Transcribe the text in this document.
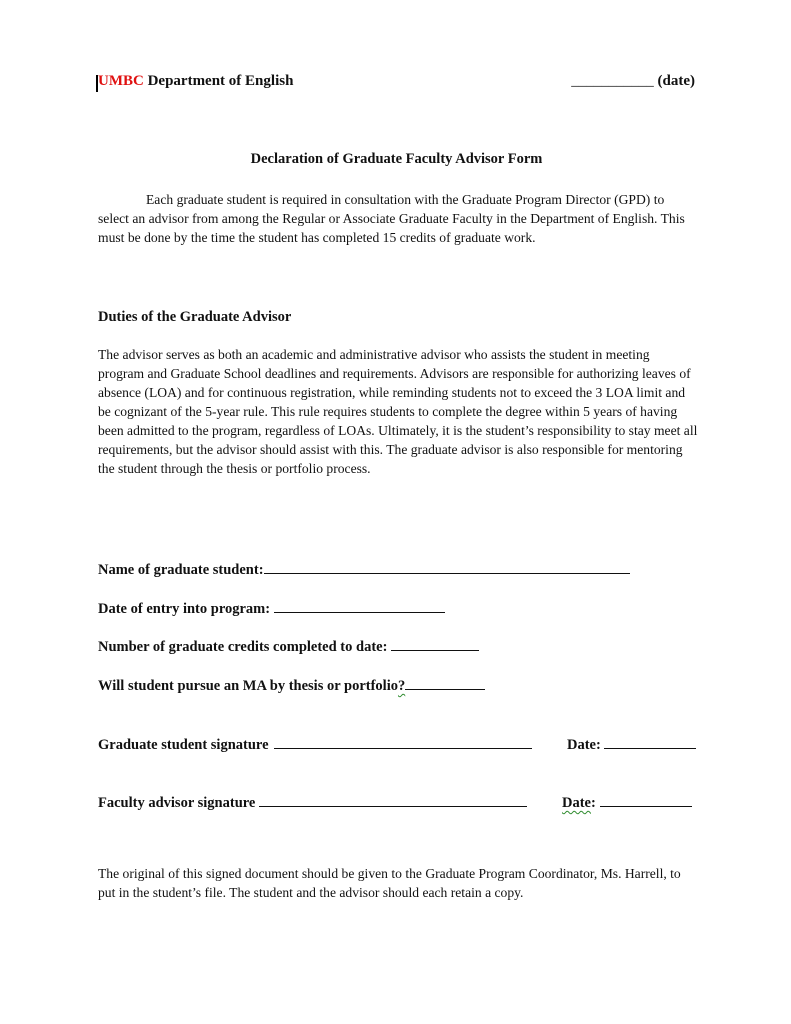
UMBC Department of English	___________ (date)
Declaration of Graduate Faculty Advisor Form
Each graduate student is required in consultation with the Graduate Program Director (GPD) to select an advisor from among the Regular or Associate Graduate Faculty in the Department of English. This must be done by the time the student has completed 15 credits of graduate work.
Duties of the Graduate Advisor
The advisor serves as both an academic and administrative advisor who assists the student in meeting program and Graduate School deadlines and requirements. Advisors are responsible for authorizing leaves of absence (LOA) and for continuous registration, while reminding students not to exceed the 3 LOA limit and be cognizant of the 5-year rule. This rule requires students to complete the degree within 5 years of having been admitted to the program, regardless of LOAs. Ultimately, it is the student’s responsibility to stay meet all requirements, but the advisor should assist with this. The graduate advisor is also responsible for mentoring the student through the thesis or portfolio process.
Name of graduate student:
Date of entry into program:
Number of graduate credits completed to date:
Will student pursue an MA by thesis or portfolio?
Graduate student signature	Date:
Faculty advisor signature	Date:
The original of this signed document should be given to the Graduate Program Coordinator, Ms. Harrell, to put in the student’s file. The student and the advisor should each retain a copy.
